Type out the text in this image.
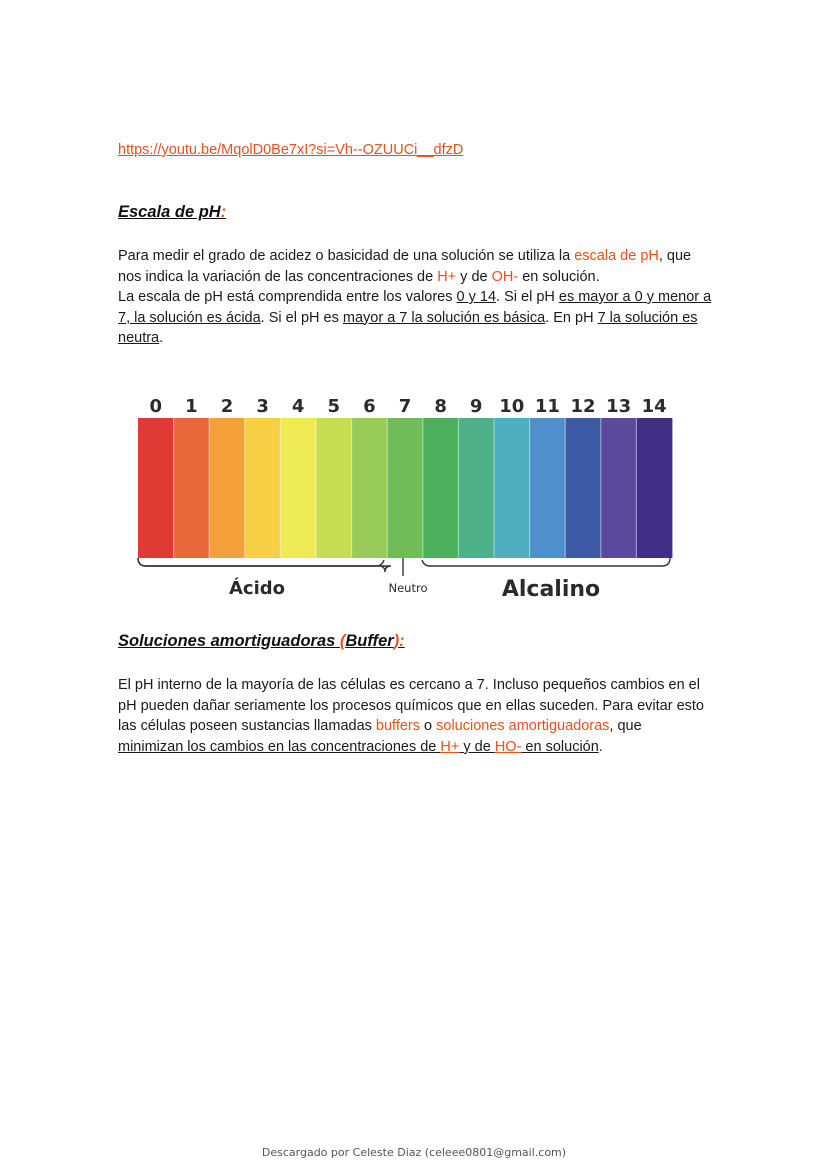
https://youtu.be/MqolD0Be7xI?si=Vh--OZUUCi__dfzD
Escala de pH:

Para medir el grado de acidez o basicidad de una solución se utiliza la escala de pH, que nos indica la variación de las concentraciones de H+ y de OH- en solución.
La escala de pH está comprendida entre los valores 0 y 14. Si el pH es mayor a 0 y menor a 7, la solución es ácida. Si el pH es mayor a 7 la solución es básica. En pH 7 la solución es neutra.

0 1 2 3 4 5 6 7 8 9 10 11 12 13 14
Ácido	Neutro	Alcalino
Soluciones amortiguadoras (Buffer):

El pH interno de la mayoría de las células es cercano a 7. Incluso pequeños cambios en el pH pueden dañar seriamente los procesos químicos que en ellas suceden. Para evitar esto las células poseen sustancias llamadas buffers o soluciones amortiguadoras, que
minimizan los cambios en las concentraciones de H+ y de HO- en solución.

Descargado por Celeste Diaz (celeee0801@gmail.com)
